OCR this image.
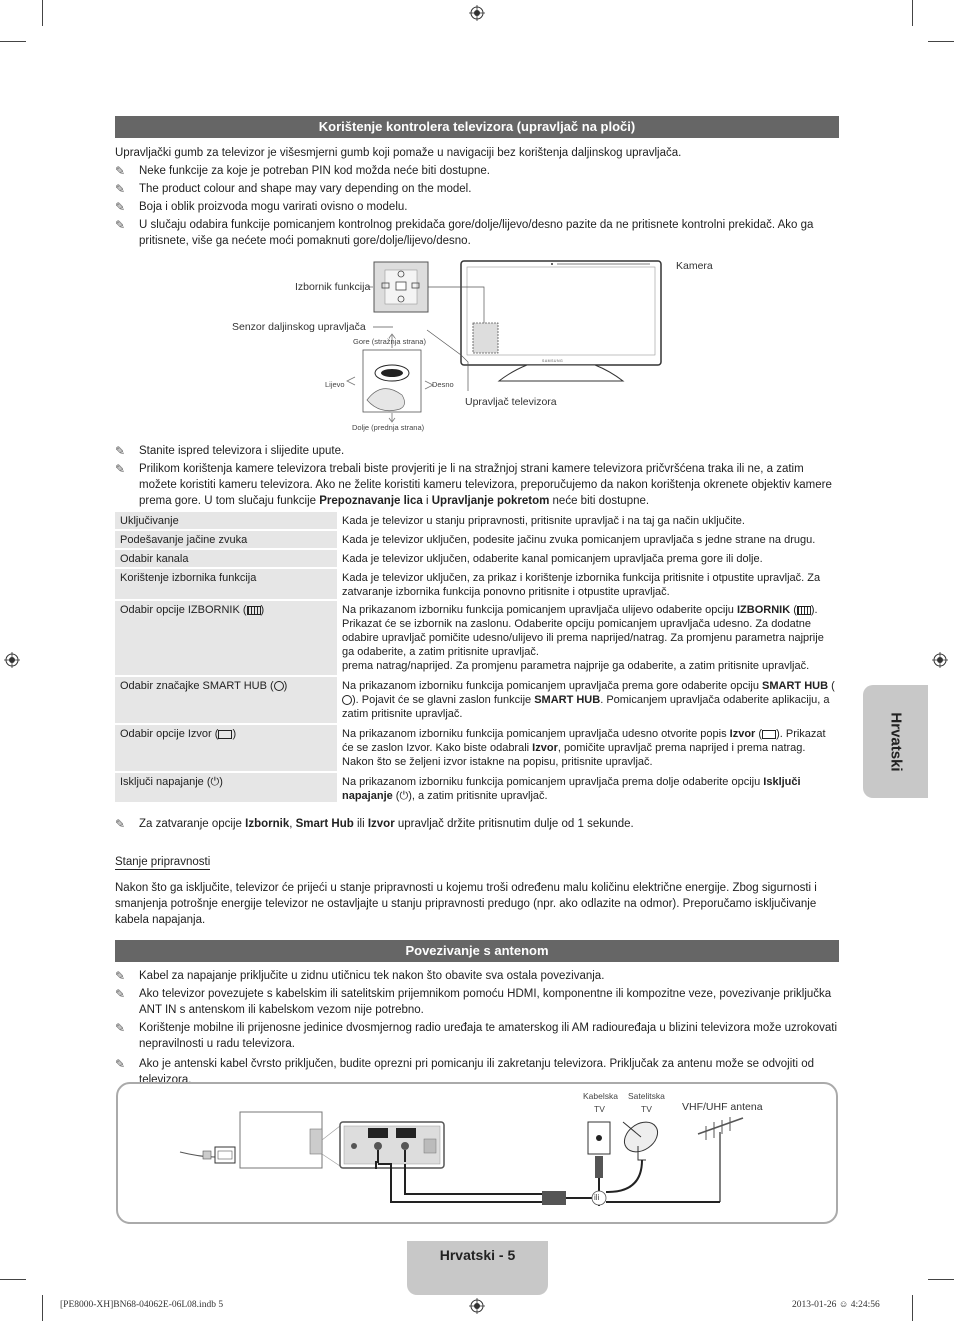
Korištenje kontrolera televizora (upravljač na ploči)
Upravljački gumb za televizor je višesmjerni gumb koji pomaže u navigaciji bez korištenja daljinskog upravljača.
✎	Neke funkcije za koje je potreban PIN kod možda neće biti dostupne.
✎	The product colour and shape may vary depending on the model.
✎	Boja i oblik proizvoda mogu varirati ovisno o modelu.
✎	U slučaju odabira funkcije pomicanjem kontrolnog prekidača gore/dolje/lijevo/desno pazite da ne pritisnete kontrolni prekidač. Ako ga pritisnete, više ga nećete moći pomaknuti gore/dolje/lijevo/desno.
Izbornik funkcija
Senzor daljinskog upravljača
Gore (stražnja strana)
Lijevo	Desno
Dolje (prednja strana)
Kamera
Upravljač televizora
SAMSUNG
✎	Stanite ispred televizora i slijedite upute.
✎	Prilikom korištenja kamere televizora trebali biste provjeriti je li na stražnjoj strani kamere televizora pričvršćena traka ili ne, a zatim možete koristiti kameru televizora. Ako ne želite koristiti kameru televizora, preporučujemo da nakon korištenja okrenete objektiv kamere prema gore. U tom slučaju funkcije Prepoznavanje lica i Upravljanje pokretom neće biti dostupne.
Uključivanje	Kada je televizor u stanju pripravnosti, pritisnite upravljač i na taj ga način uključite.
Podešavanje jačine zvuka	Kada je televizor uključen, podesite jačinu zvuka pomicanjem upravljača s jedne strane na drugu.
Odabir kanala	Kada je televizor uključen, odaberite kanal pomicanjem upravljača prema gore ili dolje.
Korištenje izbornika funkcija	Kada je televizor uključen, za prikaz i korištenje izbornika funkcija pritisnite i otpustite upravljač. Za zatvaranje izbornika funkcija ponovno pritisnite i otpustite upravljač.
Odabir opcije IZBORNIK ( )	Na prikazanom izborniku funkcija pomicanjem upravljača ulijevo odaberite opciju IZBORNIK ( ). Prikazat će se izbornik na zaslonu. Odaberite opciju pomicanjem upravljača udesno. Za dodatne odabire upravljač pomičite udesno/ulijevo ili prema naprijed/natrag. Za promjenu parametra najprije ga odaberite, a zatim pritisnite upravljač.
prema natrag/naprijed. Za promjenu parametra najprije ga odaberite, a zatim pritisnite upravljač.
Odabir značajke SMART HUB ( )	Na prikazanom izborniku funkcija pomicanjem upravljača prema gore odaberite opciju SMART HUB (). Pojavit će se glavni zaslon funkcije SMART HUB. Pomicanjem upravljača odaberite aplikaciju, a zatim pritisnite upravljač.
Odabir opcije Izvor ( )	Na prikazanom izborniku funkcija pomicanjem upravljača udesno otvorite popis Izvor ( ). Prikazat će se zaslon Izvor. Kako biste odabrali Izvor, pomičite upravljač prema naprijed i prema natrag. Nakon što se željeni izvor istakne na popisu, pritisnite upravljač.
Isključi napajanje (⏻)	Na prikazanom izborniku funkcija pomicanjem upravljača prema dolje odaberite opciju Isključi napajanje (⏻), a zatim pritisnite upravljač.
✎	Za zatvaranje opcije Izbornik, Smart Hub ili Izvor upravljač držite pritisnutim dulje od 1 sekunde.
Stanje pripravnosti
Nakon što ga isključite, televizor će prijeći u stanje pripravnosti u kojemu troši određenu malu količinu električne energije. Zbog sigurnosti i smanjenja potrošnje energije televizor ne ostavljajte u stanju pripravnosti predugo (npr. ako odlazite na odmor). Preporučamo isključivanje kabela napajanja.
Povezivanje s antenom
✎	Kabel za napajanje priključite u zidnu utičnicu tek nakon što obavite sva ostala povezivanja.
✎	Ako televizor povezujete s kabelskim ili satelitskim prijemnikom pomoću HDMI, komponentne ili kompozitne veze, povezivanje priključka ANT IN s antenskom ili kabelskom vezom nije potrebno.
✎	Korištenje mobilne ili prijenosne jedinice dvosmjernog radio uređaja te amaterskog ili AM radiouređaja u blizini televizora može uzrokovati nepravilnosti u radu televizora.
✎	Ako je antenski kabel čvrsto priključen, budite oprezni pri pomicanju ili zakretanju televizora. Priključak za antenu može se odvojiti od televizora.
Kabelska
TV
Satelitska
TV	VHF/UHF antena
ili
Hrvatski
Hrvatski - 5
[PE8000-XH]BN68-04062E-06L08.indb 5	2013-01-26 ☺ 4:24:56
